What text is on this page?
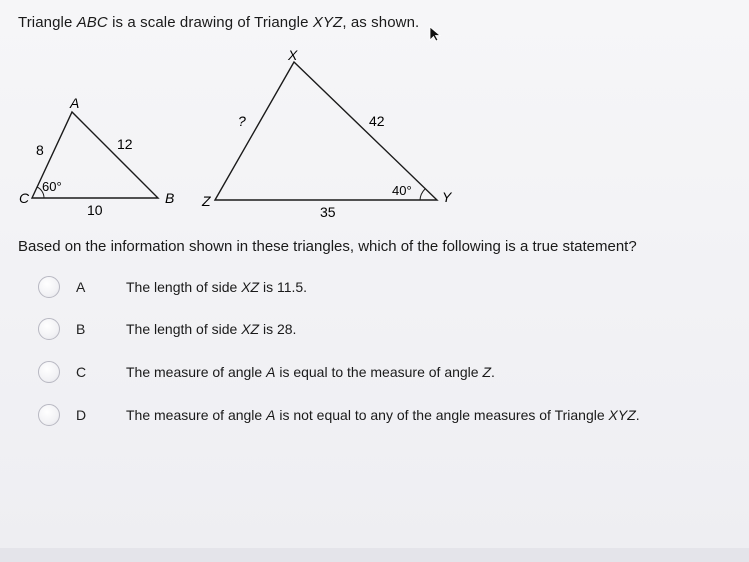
Triangle ABC is a scale drawing of Triangle XYZ, as shown.
A
C	B
8	12
10
60°
X
Z	Y
?	42
35
40°
Based on the information shown in these triangles, which of the following is a true statement?
A	The length of side XZ is 11.5.
B	The length of side XZ is 28.
C	The measure of angle A is equal to the measure of angle Z.
D	The measure of angle A is not equal to any of the angle measures of Triangle XYZ.
